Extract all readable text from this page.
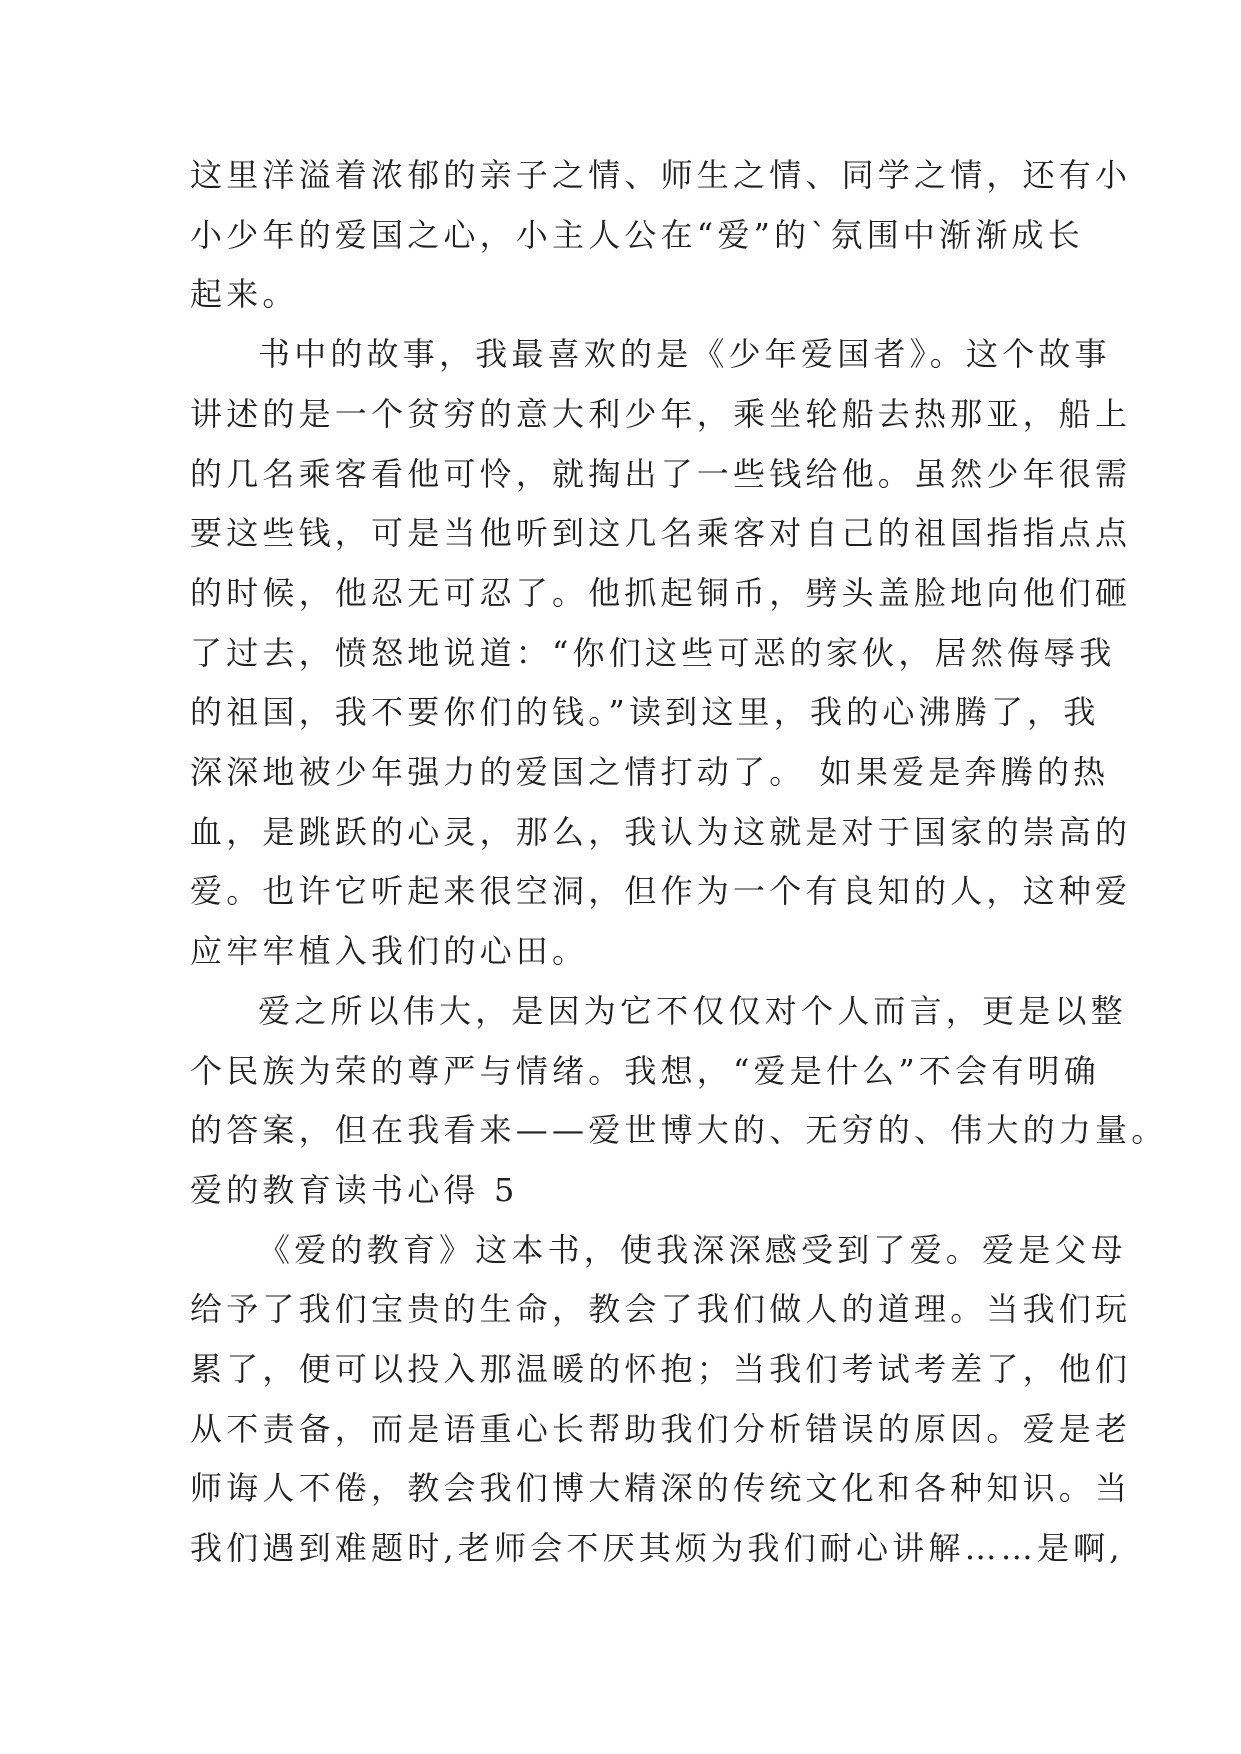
这里洋溢着浓郁的亲子之情、师生之情、同学之情，还有小
小少年的爱国之心，小主人公在“爱”的`氛围中渐渐成长
起来。
书中的故事，我最喜欢的是《少年爱国者》。这个故事
讲述的是一个贫穷的意大利少年，乘坐轮船去热那亚，船上
的几名乘客看他可怜，就掏出了一些钱给他。虽然少年很需
要这些钱，可是当他听到这几名乘客对自己的祖国指指点点
的时候，他忍无可忍了。他抓起铜币，劈头盖脸地向他们砸
了过去，愤怒地说道：“你们这些可恶的家伙，居然侮辱我
的祖国，我不要你们的钱。”读到这里，我的心沸腾了，我
深深地被少年强力的爱国之情打动了。 如果爱是奔腾的热
血，是跳跃的心灵，那么，我认为这就是对于国家的崇高的
爱。也许它听起来很空洞，但作为一个有良知的人，这种爱
应牢牢植入我们的心田。
爱之所以伟大，是因为它不仅仅对个人而言，更是以整
个民族为荣的尊严与情绪。我想，“爱是什么”不会有明确
的答案，但在我看来——爱世博大的、无穷的、伟大的力量。
爱的教育读书心得 5
《爱的教育》这本书，使我深深感受到了爱。爱是父母
给予了我们宝贵的生命，教会了我们做人的道理。当我们玩
累了，便可以投入那温暖的怀抱；当我们考试考差了，他们
从不责备，而是语重心长帮助我们分析错误的原因。爱是老
师诲人不倦，教会我们博大精深的传统文化和各种知识。当
我们遇到难题时,老师会不厌其烦为我们耐心讲解……是啊,
